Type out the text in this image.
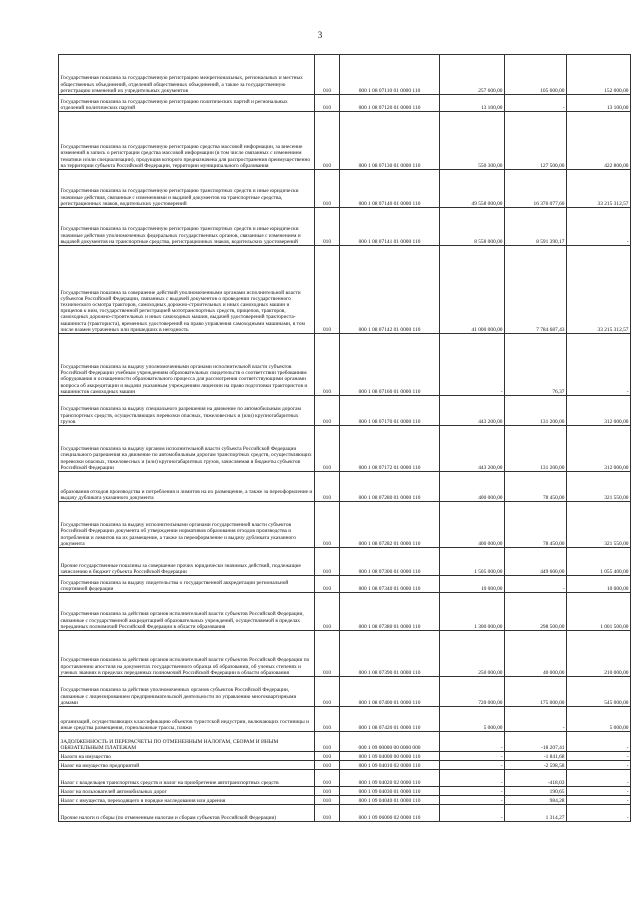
3
Государственная пошлина за государственную регистрацию межрегиональных, региональных и местных общественных объединений, отделений общественных объединений, а также за государственную регистрацию изменений их учредительных документов	010	000 1 08 07110 01 0000 110	257 600,00	105 600,00	152 000,00
Государственная пошлина за государственную регистрацию политических партий и региональных отделений политических партий	010	000 1 08 07120 01 0000 110	13 100,00	-	13 100,00
Государственная пошлина за государственную регистрацию средства массовой информации, за внесение изменений в запись о регистрации средства массовой информации (в том числе связанных с изменением тематики и/или специализации), продукция которого предназначена для распространения преимущественно на территории субъекта Российской Федерации, территории муниципального образования	010	000 1 08 07130 01 0000 110	550 300,00	127 500,00	422 800,00
Государственная пошлина за государственную регистрацию транспортных средств и иные юридически значимые действия, связанные с изменениями и выдачей документов на транспортные средства, регистрационных знаков, водительских удостоверений	010	000 1 08 07140 01 0000 110	49 558 000,00	16 376 077,60	33 215 312,57
Государственная пошлина за государственную регистрацию транспортных средств и иные юридически значимые действия уполномоченных федеральных государственных органов, связанные с изменением и выдачей документов на транспортные средства, регистрационных знаков, водительских удостоверений	010	000 1 08 07141 01 0000 110	8 558 000,00	8 591 390,17	-
Государственная пошлина за совершение действий уполномоченными органами исполнительной власти субъектов Российской Федерации, связанных с выдачей документов о проведении государственного технического осмотра тракторов, самоходных дорожно-строительных и иных самоходных машин и прицепов к ним, государственной регистрацией мототранспортных средств, прицепов, тракторов, самоходных дорожно-строительных и иных самоходных машин, выдачей удостоверений тракториста-машиниста (тракториста), временных удостоверений на право управления самоходными машинами, в том числе взамен утраченных или пришедших в негодность	010	000 1 08 07142 01 0000 110	41 000 000,00	7 784 687,43	33 215 312,57
Государственная пошлина за выдачу уполномоченными органами исполнительной власти субъектов Российской Федерации учебным учреждениям образовательных свидетельств о соответствии требованиям оборудования и оснащенности образовательного процесса для рассмотрения соответствующими органами вопроса об аккредитации и выдачи указанным учреждениям лицензии на право подготовки трактористов и машинистов самоходных машин	010	000 1 08 07160 01 0000 110	-	76,37	-
Государственная пошлина за выдачу специального разрешения на движение по автомобильным дорогам транспортных средств, осуществляющих перевозки опасных, тяжеловесных и (или) крупногабаритных грузов	010	000 1 08 07170 01 0000 110	443 200,00	131 200,00	312 000,00
Государственная пошлина за выдачу органом исполнительной власти субъекта Российской Федерации специального разрешения на движение по автомобильным дорогам транспортных средств, осуществляющих перевозки опасных, тяжеловесных и (или) крупногабаритных грузов, зачисляемая в бюджеты субъектов Российской Федерации	010	000 1 08 07172 01 0000 110	443 200,00	131 200,00	312 000,00
образования отходов производства и потребления и лимитов на их размещение, а также за переоформление и выдачу дубликата указанного документа	010	000 1 08 07280 01 0000 110	400 000,00	78 450,00	321 550,00
Государственная пошлина за выдачу исполнительными органами государственной власти субъектов Российской Федерации документа об утверждении нормативов образования отходов производства и потребления и лимитов на их размещение, а также за переоформление и выдачу дубликата указанного документа	010	000 1 08 07282 01 0000 110	400 000,00	78 450,00	321 550,00
Прочие государственные пошлины за совершение прочих юридически значимых действий, подлежащие зачислению в бюджет субъекта Российской Федерации	010	000 1 08 07300 01 0000 110	1 505 000,00	449 600,00	1 055 400,00
Государственная пошлина за выдачу свидетельства о государственной аккредитации региональной спортивной федерации	010	000 1 08 07340 01 0000 110	10 000,00	-	10 000,00
Государственная пошлина за действия органов исполнительной власти субъектов Российской Федерации, связанные с государственной аккредитацией образовательных учреждений, осуществляемой в пределах переданных полномочий Российской Федерации в области образования	010	000 1 08 07380 01 0000 110	1 300 000,00	298 500,00	1 001 500,00
Государственная пошлина за действия органов исполнительной власти субъектов Российской Федерации по проставлению апостиля на документах государственного образца об образовании, об ученых степенях и ученых званиях в пределах переданных полномочий Российской Федерации в области образования	010	000 1 08 07390 01 0000 110	250 000,00	40 000,00	210 000,00
Государственная пошлина за действия уполномоченных органов субъектов Российской Федерации, связанные с лицензированием предпринимательской деятельности по управлению многоквартирными домами	010	000 1 08 07400 01 0000 110	720 000,00	175 000,00	545 000,00
организаций, осуществляющих классификацию объектов туристской индустрии, включающих гостиницы и иные средства размещения, горнолыжные трассы, пляжи	010	000 1 08 07420 01 0000 110	5 000,00	-	5 000,00
ЗАДОЛЖЕННОСТЬ И ПЕРЕРАСЧЕТЫ ПО ОТМЕНЕННЫМ НАЛОГАМ, СБОРАМ И ИНЫМ ОБЯЗАТЕЛЬНЫМ ПЛАТЕЖАМ	010	000 1 09 00000 00 0000 000	-	-18 207,41	-
Налоги на имущество	010	000 1 09 04000 00 0000 110	-	-1 841,68	-
Налог на имущество предприятий	010	000 1 09 04010 02 0000 110	-	-2 598,58	-
Налог с владельцев транспортных средств и налог на приобретение автотранспортных средств	010	000 1 09 04020 02 0000 110	-	-418,03	-
Налог на пользователей автомобильных дорог	010	000 1 09 04030 01 0000 110	-	190,65	-
Налог с имущества, переходящего в порядке наследования или дарения	010	000 1 09 04040 01 0000 110	-	984,28	-
Прочие налоги и сборы (по отмененным налогам и сборам субъектов Российской Федерации)	010	000 1 09 06000 02 0000 110	-	1 314,27	-
